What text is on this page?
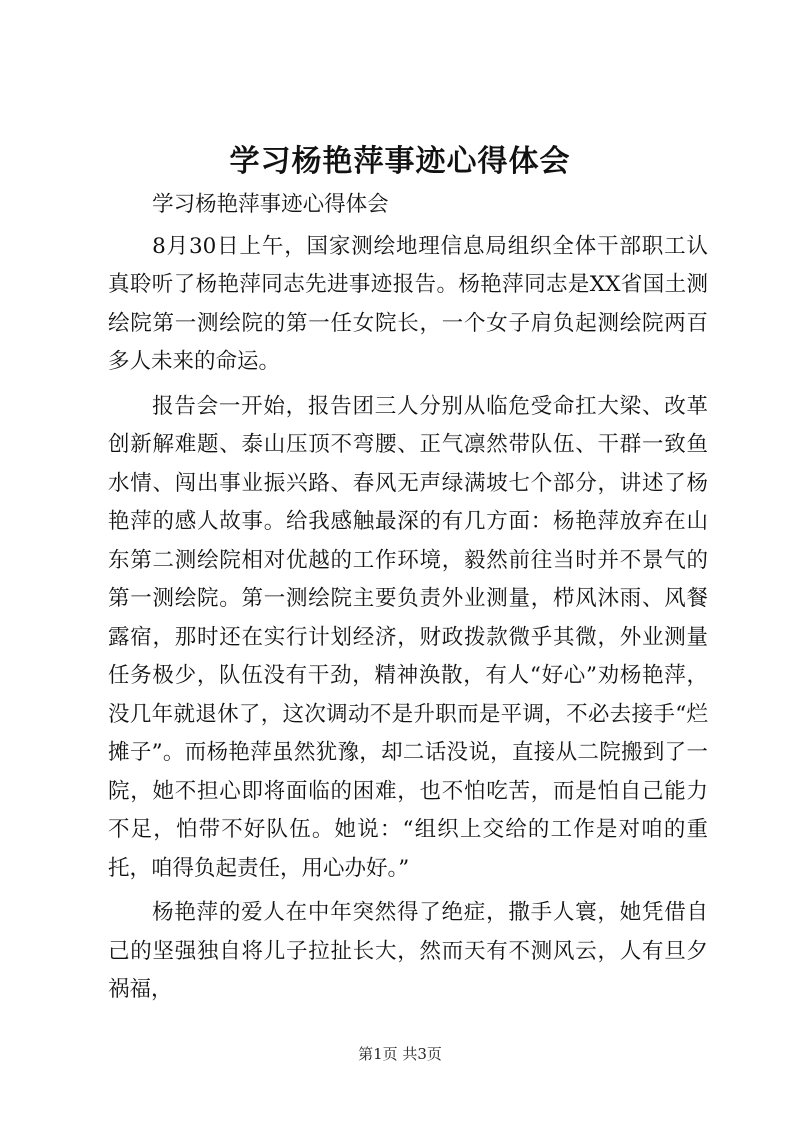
学习杨艳萍事迹心得体会

学习杨艳萍事迹心得体会

8月30日上午，国家测绘地理信息局组织全体干部职工认真聆听了杨艳萍同志先进事迹报告。杨艳萍同志是XX省国土测绘院第一测绘院的第一任女院长，一个女子肩负起测绘院两百多人未来的命运。

报告会一开始，报告团三人分别从临危受命扛大梁、改革创新解难题、泰山压顶不弯腰、正气凛然带队伍、干群一致鱼水情、闯出事业振兴路、春风无声绿满坡七个部分，讲述了杨艳萍的感人故事。给我感触最深的有几方面：杨艳萍放弃在山东第二测绘院相对优越的工作环境，毅然前往当时并不景气的第一测绘院。第一测绘院主要负责外业测量，栉风沐雨、风餐露宿，那时还在实行计划经济，财政拨款微乎其微，外业测量任务极少，队伍没有干劲，精神涣散，有人“好心”劝杨艳萍，没几年就退休了，这次调动不是升职而是平调，不必去接手“烂摊子”。而杨艳萍虽然犹豫，却二话没说，直接从二院搬到了一院，她不担心即将面临的困难，也不怕吃苦，而是怕自己能力不足，怕带不好队伍。她说：“组织上交给的工作是对咱的重托，咱得负起责任，用心办好。”

杨艳萍的爱人在中年突然得了绝症，撒手人寰，她凭借自己的坚强独自将儿子拉扯长大，然而天有不测风云，人有旦夕祸福，

第1页 共3页
